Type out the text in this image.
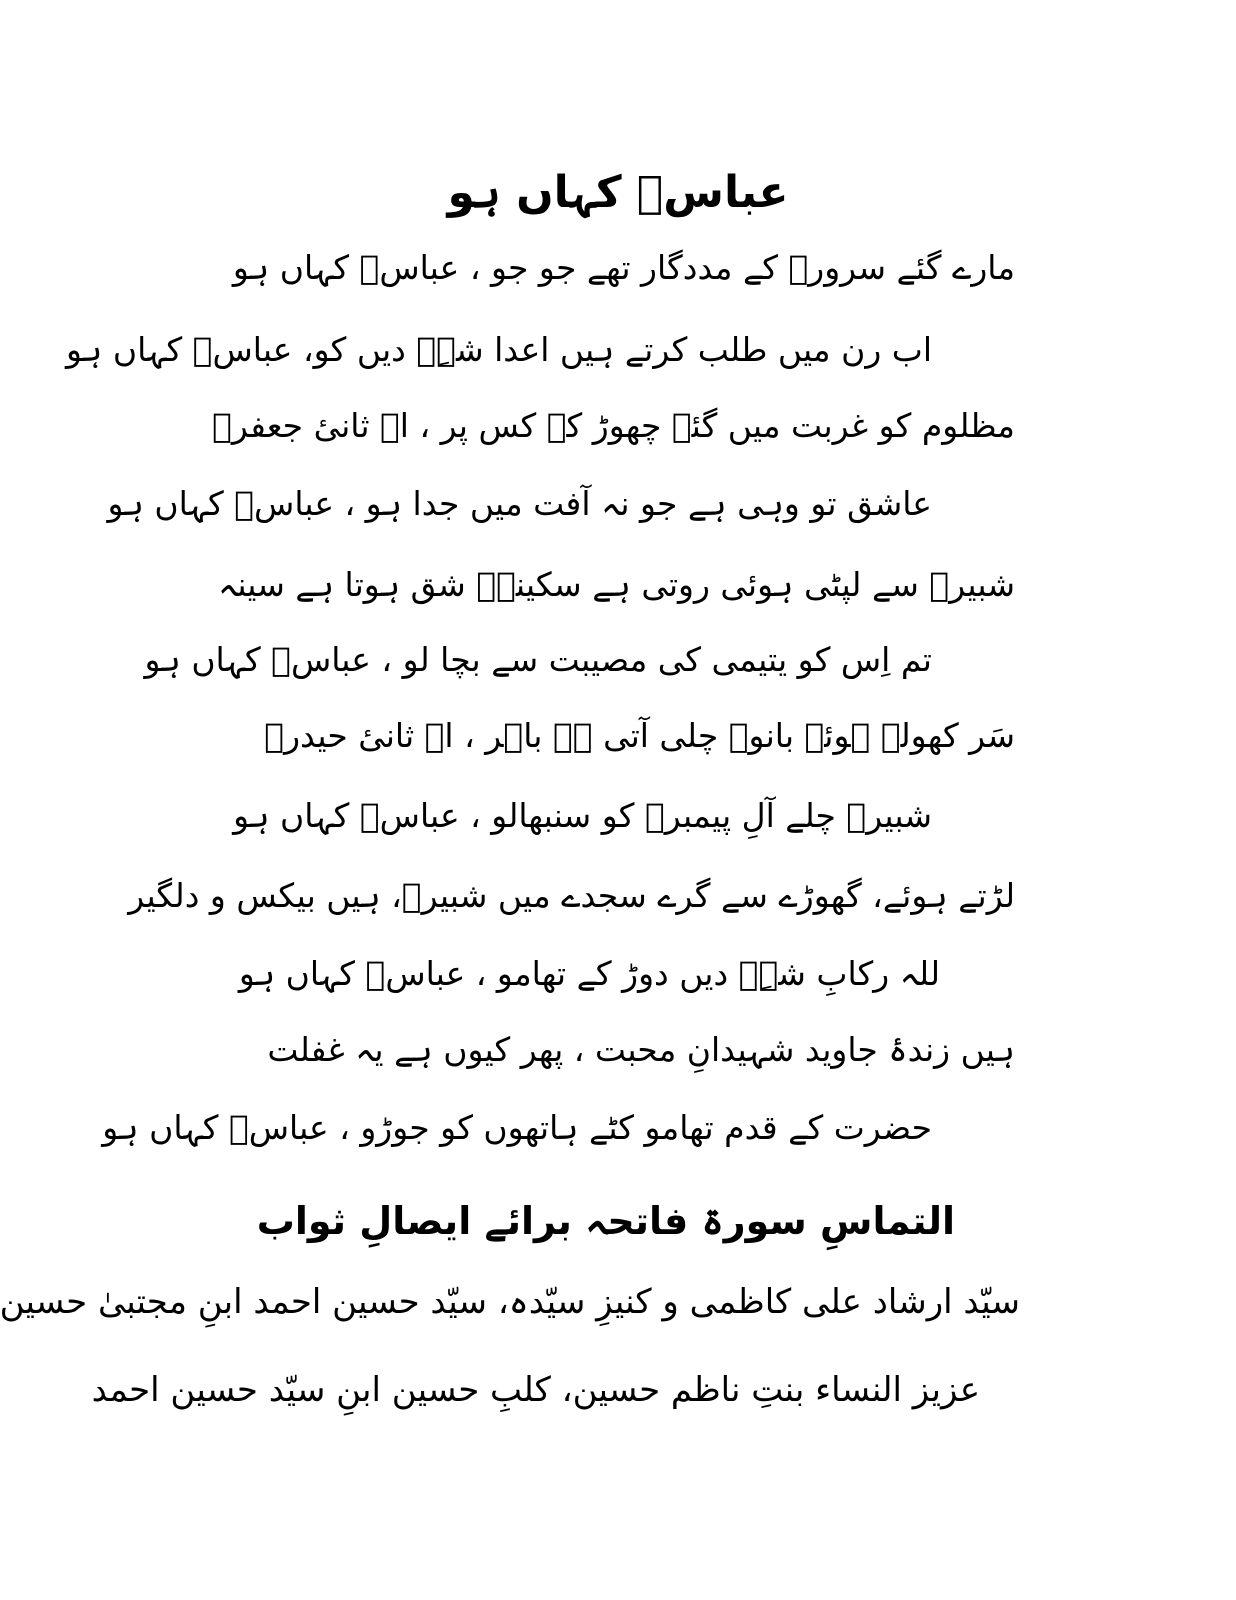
عباسؑ کہاں ہو
مارے گئے سرورؑ کے مددگار تھے جو جو ، عباسؑ کہاں ہو
اب رن میں طلب کرتے ہیں اعدا شہِؑ دیں کو، عباسؑ کہاں ہو
مظلوم کو غربت میں گئے چھوڑ کے کس پر ، اے ثانیٔ جعفرؑ
عاشق تو وہی ہے جو نہ آفت میں جدا ہو ، عباسؑ کہاں ہو
شبیرؑ سے لپٹی ہوئی روتی ہے سکینہؑ شق ہوتا ہے سینہ
تم اِس کو یتیمی کی مصیبت سے بچا لو ، عباسؑ کہاں ہو
سَر کھولے ہوئے بانوؑ چلی آتی ہے باہر ، اے ثانیٔ حیدرؑ
شبیرؑ چلے آلِ پیمبرؐ کو سنبھالو ، عباسؑ کہاں ہو
لڑتے ہوئے، گھوڑے سے گرے سجدے میں شبیرؑ، ہیں بیکس و دلگیر
للہ رکابِ شہِؑ دیں دوڑ کے تھامو ، عباسؑ کہاں ہو
ہیں زندۂ جاوید شہیدانِ محبت ، پھر کیوں ہے یہ غفلت
حضرت کے قدم تھامو کٹے ہاتھوں کو جوڑو ، عباسؑ کہاں ہو
التماسِ سورۃ فاتحہ برائے ایصالِ ثواب
سیّد ارشاد علی کاظمی و کنیزِ سیّدہ، سیّد حسین احمد ابنِ مجتبیٰ حسین
عزیز النساء بنتِ ناظم حسین، کلبِ حسین ابنِ سیّد حسین احمد
